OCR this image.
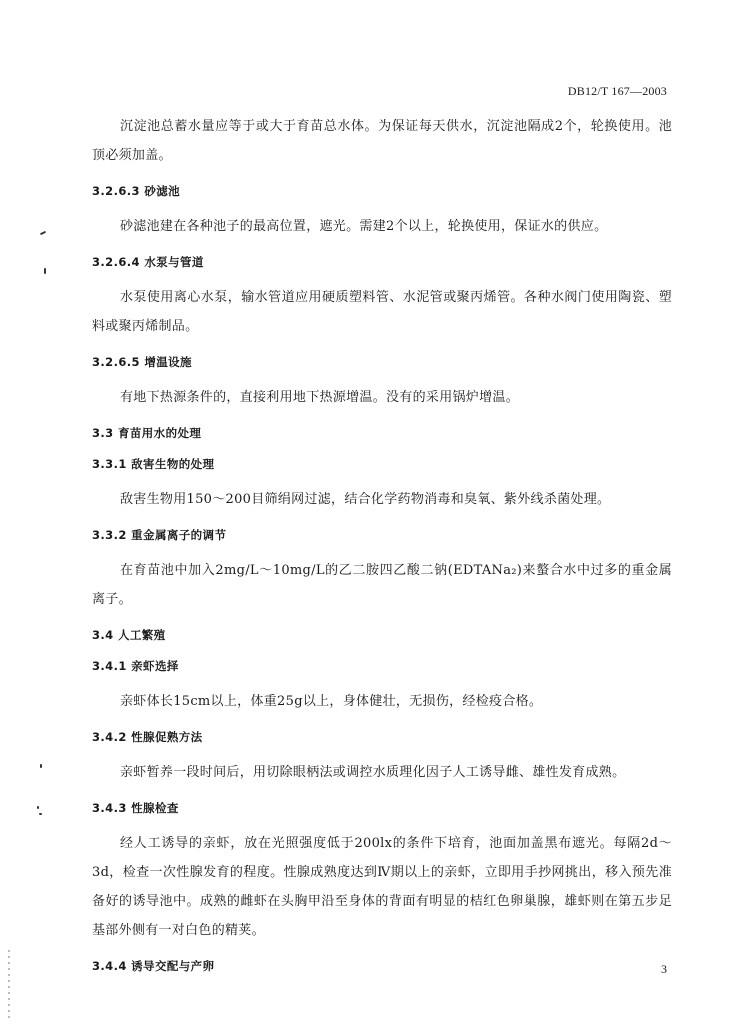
DB12/T 167—2003

沉淀池总蓄水量应等于或大于育苗总水体。为保证每天供水，沉淀池隔成2个，轮换使用。池顶必须加盖。

3.2.6.3 砂滤池

砂滤池建在各种池子的最高位置，遮光。需建2个以上，轮换使用，保证水的供应。

3.2.6.4 水泵与管道

水泵使用离心水泵，输水管道应用硬质塑料管、水泥管或聚丙烯管。各种水阀门使用陶瓷、塑料或聚丙烯制品。

3.2.6.5 增温设施

有地下热源条件的，直接利用地下热源增温。没有的采用锅炉增温。

3.3 育苗用水的处理
3.3.1 敌害生物的处理

敌害生物用150～200目筛绢网过滤，结合化学药物消毒和臭氧、紫外线杀菌处理。

3.3.2 重金属离子的调节

在育苗池中加入2mg/L～10mg/L的乙二胺四乙酸二钠(EDTANa₂)来螯合水中过多的重金属离子。

3.4 人工繁殖
3.4.1 亲虾选择

亲虾体长15cm以上，体重25g以上，身体健壮，无损伤，经检疫合格。

3.4.2 性腺促熟方法

亲虾暂养一段时间后，用切除眼柄法或调控水质理化因子人工诱导雌、雄性发育成熟。

3.4.3 性腺检查

经人工诱导的亲虾，放在光照强度低于200lx的条件下培育，池面加盖黑布遮光。每隔2d～3d，检查一次性腺发育的程度。性腺成熟度达到Ⅳ期以上的亲虾，立即用手抄网挑出，移入预先准备好的诱导池中。成熟的雌虾在头胸甲沿至身体的背面有明显的桔红色卵巢腺，雄虾则在第五步足基部外侧有一对白色的精荚。

3.4.4 诱导交配与产卵	3
